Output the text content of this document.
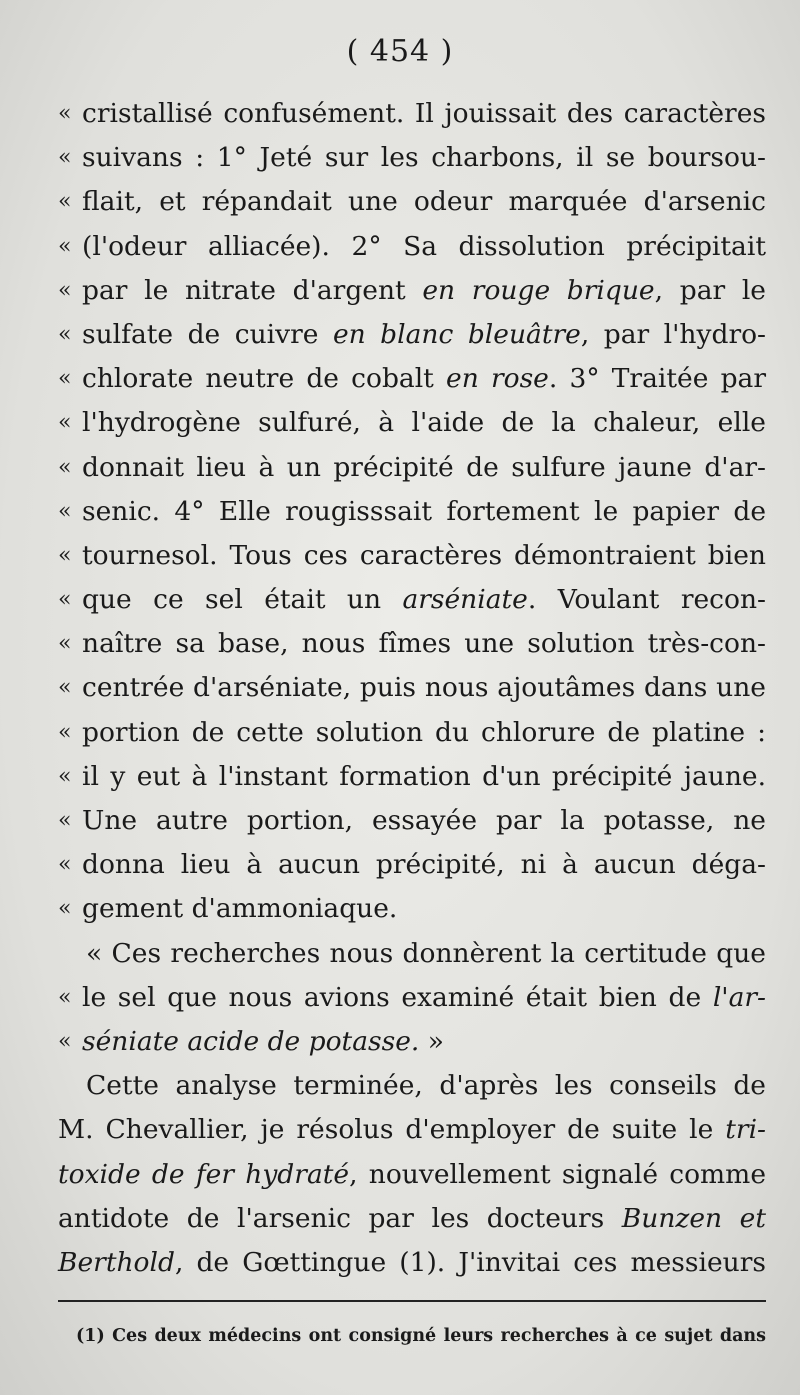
( 454 )
« cristallisé confusément. Il jouissait des caractères
« suivans : 1° Jeté sur les charbons, il se boursou-
« flait, et répandait une odeur marquée d'arsenic
« (l'odeur alliacée). 2° Sa dissolution précipitait
« par le nitrate d'argent en rouge brique, par le
« sulfate de cuivre en blanc bleuâtre, par l'hydro-
« chlorate neutre de cobalt en rose. 3° Traitée par
« l'hydrogène sulfuré, à l'aide de la chaleur, elle
« donnait lieu à un précipité de sulfure jaune d'ar-
« senic. 4° Elle rougisssait fortement le papier de
« tournesol. Tous ces caractères démontraient bien
« que ce sel était un arséniate. Voulant recon-
« naître sa base, nous fîmes une solution très-con-
« centrée d'arséniate, puis nous ajoutâmes dans une
« portion de cette solution du chlorure de platine :
« il y eut à l'instant formation d'un précipité jaune.
« Une autre portion, essayée par la potasse, ne
« donna lieu à aucun précipité, ni à aucun déga-
« gement d'ammoniaque.
« Ces recherches nous donnèrent la certitude que
« le sel que nous avions examiné était bien de l'ar-
« séniate acide de potasse. »
Cette analyse terminée, d'après les conseils de
M. Chevallier, je résolus d'employer de suite le tri-
toxide de fer hydraté, nouvellement signalé comme
antidote de l'arsenic par les docteurs Bunzen et
Berthold, de Gœttingue (1). J'invitai ces messieurs
(1) Ces deux médecins ont consigné leurs recherches à ce sujet dans
